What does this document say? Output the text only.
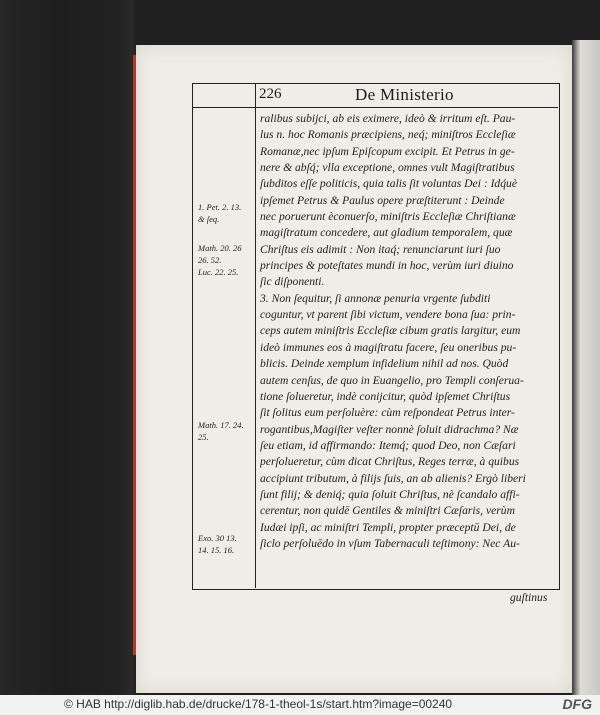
226	De Ministerio
ralibus subijci, ab eis eximere, ideò & irritum eſt. Pau-
lus n. hoc Romanis præcipiens, neq́; miniſtros Eccleſiæ
Romanæ,nec ipſum Epiſcopum excipit. Et Petrus in ge-
nere & abſq́; vlla exceptione, omnes vult Magiſtratibus
ſubditos eſſe politicis, quia talis ſit voluntas Dei : Idq́uè
ipſemet Petrus & Paulus opere præſtiterunt : Deinde
nec poruerunt èconuerſo, miniſtris Eccleſiæ Chriſtianæ
magiſtratum concedere, aut gladium temporalem, quæ
Chriſtus eis adimit : Non itaq́; renunciarunt iuri ſuo
principes & poteſtates mundi in hoc, verùm iuri diuino
ſic diſponenti.
3. Non ſequitur, ſi annonæ penuria vrgente ſubditi
coguntur, vt parent ſibi victum, vendere bona ſua: prin-
ceps autem miniſtris Eccleſiæ cibum gratis largitur, eum
ideò immunes eos à magiſtratu facere, ſeu oneribus pu-
blicis. Deinde xemplum infidelium nihil ad nos. Quòd
autem cenſus, de quo in Euangelio, pro Templi conſerua-
tione ſolueretur, indè conijcitur, quòd ipſemet Chriſtus
ſit ſolitus eum perſoluère: cùm reſpondeat Petrus inter-
rogantibus,Magiſter veſter nonnè ſoluit didrachma? Næ
ſeu etiam, id affirmando: Itemq́; quod Deo, non Cæſari
perſolueretur, cùm dicat Chriſtus, Reges terræ, à quibus
accipiunt tributum, à filijs ſuis, an ab alienis? Ergò liberi
ſunt filij; & deniq́; quia ſoluit Chriſtus, nè ſcandalo affi-
cerentur, non quidē Gentiles & miniſtri Cæſaris, verùm
Iudæi ipſi, ac miniſtri Templi, propter præceptū Dei, de
ſiclo perſoluēdo in vſum Tabernaculi teſtimony: Nec Au-
1. Pet. 2. 13.
& ſeq.
Math. 20. 26
26. 52.
Luc. 22. 25.
Math. 17. 24.
25.
Exo. 30 13.
14. 15. 16.
guſtinus
© HAB http://diglib.hab.de/drucke/178-1-theol-1s/start.htm?image=00240	DFG
